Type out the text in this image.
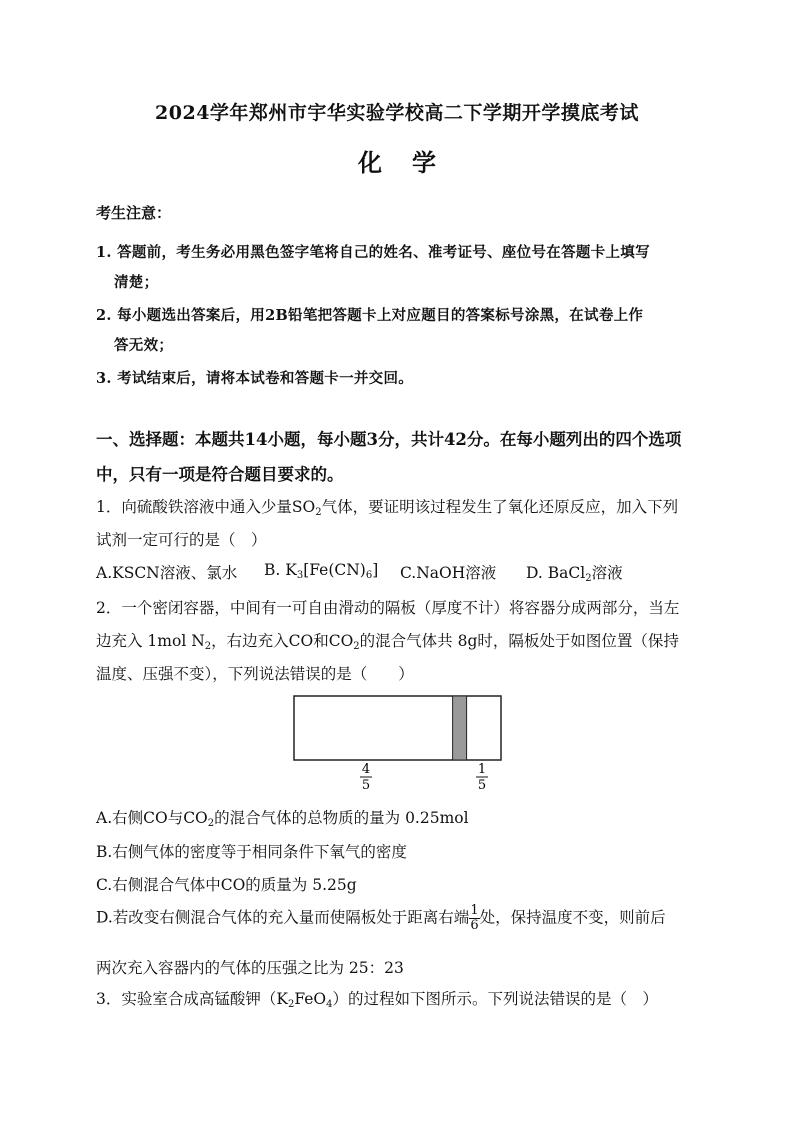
2024学年郑州市宇华实验学校高二下学期开学摸底考试
化学
考生注意：
1. 答题前，考生务必用黑色签字笔将自己的姓名、准考证号、座位号在答题卡上填写
清楚；
2. 每小题选出答案后，用2B铅笔把答题卡上对应题目的答案标号涂黑，在试卷上作
答无效；
3. 考试结束后，请将本试卷和答题卡一并交回。
一、选择题：本题共14小题，每小题3分，共计42分。在每小题列出的四个选项
中，只有一项是符合题目要求的。
1．向硫酸铁溶液中通入少量$SO_2$气体，要证明该过程发生了氧化还原反应，加入下列
试剂一定可行的是（　）
A.KSCN溶液、氯水 B. $K_3[Fe(CN)_6]$ C.NaOH溶液 D. BaCl$_2$溶液
2．一个密闭容器，中间有一可自由滑动的隔板（厚度不计）将容器分成两部分，当左
边充入 1mol $N_2$，右边充入CO和$CO_2$的混合气体共 8g时，隔板处于如图位置（保持
温度、压强不变），下列说法错误的是（　　）
4
5
1
5
A.右侧CO与$CO_2$的混合气体的总物质的量为 0.25mol
B.右侧气体的密度等于相同条件下氧气的密度
C.右侧混合气体中CO的质量为 5.25g
D.若改变右侧混合气体的充入量而使隔板处于距离右端 $\frac{1}{6}$ 处，保持温度不变，则前后
两次充入容器内的气体的压强之比为 25：23
3．实验室合成高锰酸钾$(K_2FeO_4)$的过程如下图所示。下列说法错误的是（　）
